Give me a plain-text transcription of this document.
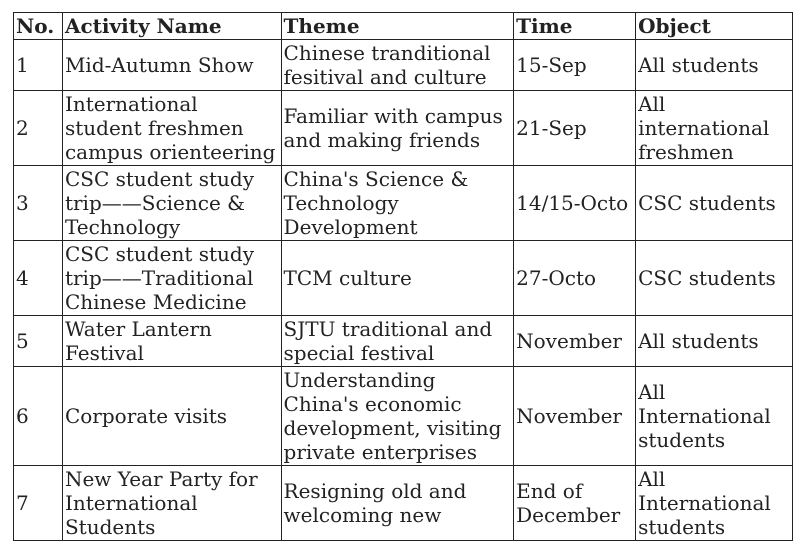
No.	Activity Name	Theme	Time	Object
1	Mid-Autumn Show	Chinese tranditional fesitival and culture	15-Sep	All students
2	International student freshmen campus orienteering	Familiar with campus and making friends	21-Sep	All international freshmen
3	CSC student study trip——Science & Technology	China's Science & Technology Development	14/15-Octo	CSC students
4	CSC student study trip——Traditional Chinese Medicine	TCM culture	27-Octo	CSC students
5	Water Lantern Festival	SJTU traditional and special festival	November	All students
6	Corporate visits	Understanding China's economic development, visiting private enterprises	November	All International students
7	New Year Party for International Students	Resigning old and welcoming new	End of December	All International students
